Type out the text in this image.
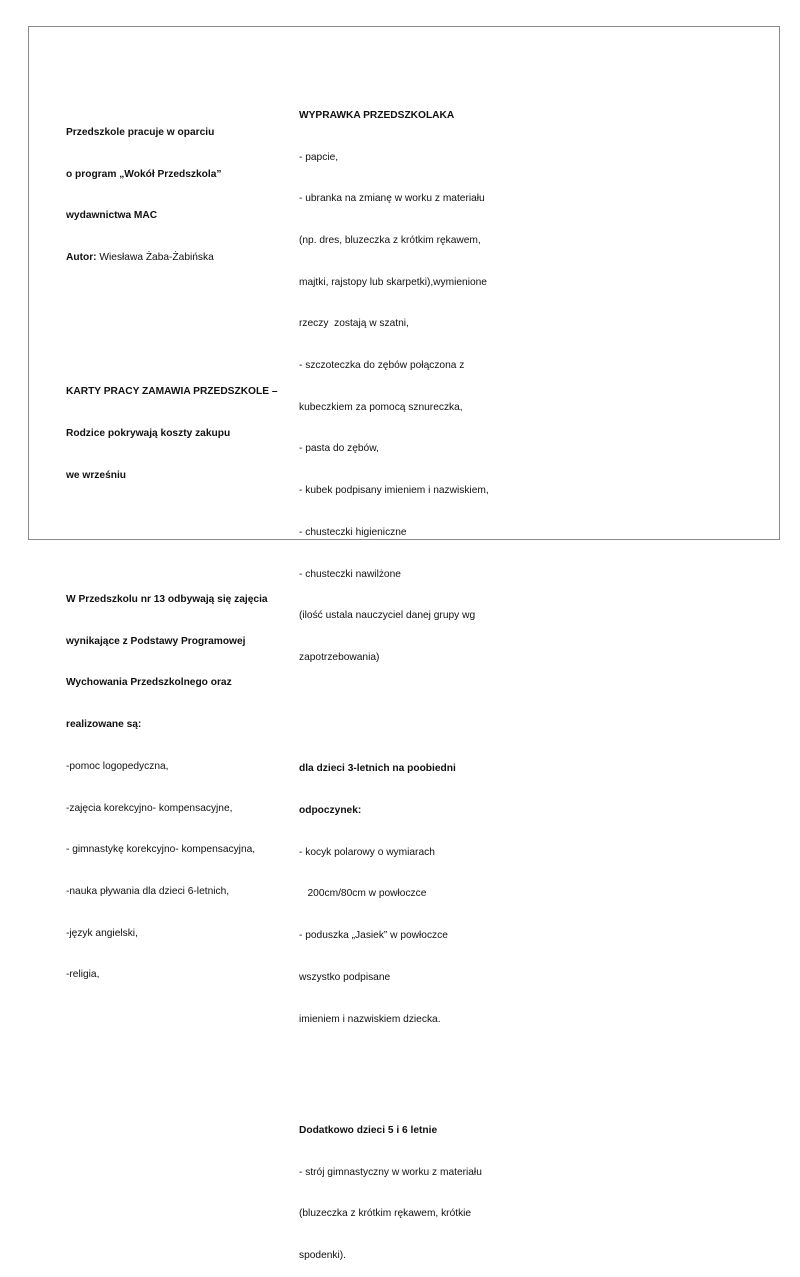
Przedszkole pracuje w oparciu

o program „Wokół Przedszkola”

wydawnictwa MAC

Autor: Wiesława Żaba-Żabińska

KARTY PRACY ZAMAWIA PRZEDSZKOLE –

Rodzice pokrywają koszty zakupu

we wrześniu

W Przedszkolu nr 13 odbywają się zajęcia

wynikające z Podstawy Programowej

Wychowania Przedszkolnego oraz

realizowane są:

-pomoc logopedyczna,

-zajęcia korekcyjno- kompensacyjne,

- gimnastykę korekcyjno- kompensacyjna,

-nauka pływania dla dzieci 6-letnich,

-język angielski,

-religia,

WYPRAWKA PRZEDSZKOLAKA

- papcie,

- ubranka na zmianę w worku z materiału

(np. dres, bluzeczka z krótkim rękawem,

majtki, rajstopy lub skarpetki),wymienione

rzeczy  zostają w szatni,

- szczoteczka do zębów połączona z

kubeczkiem za pomocą sznureczka,

- pasta do zębów,

- kubek podpisany imieniem i nazwiskiem,

- chusteczki higieniczne

- chusteczki nawilżone

(ilość ustala nauczyciel danej grupy wg

zapotrzebowania)

dla dzieci 3-letnich na poobiedni

odpoczynek:

- kocyk polarowy o wymiarach

200cm/80cm w powłoczce

- poduszka „Jasiek” w powłoczce

wszystko podpisane

imieniem i nazwiskiem dziecka.

Dodatkowo dzieci 5 i 6 letnie

- strój gimnastyczny w worku z materiału

(bluzeczka z krótkim rękawem, krótkie

spodenki).
